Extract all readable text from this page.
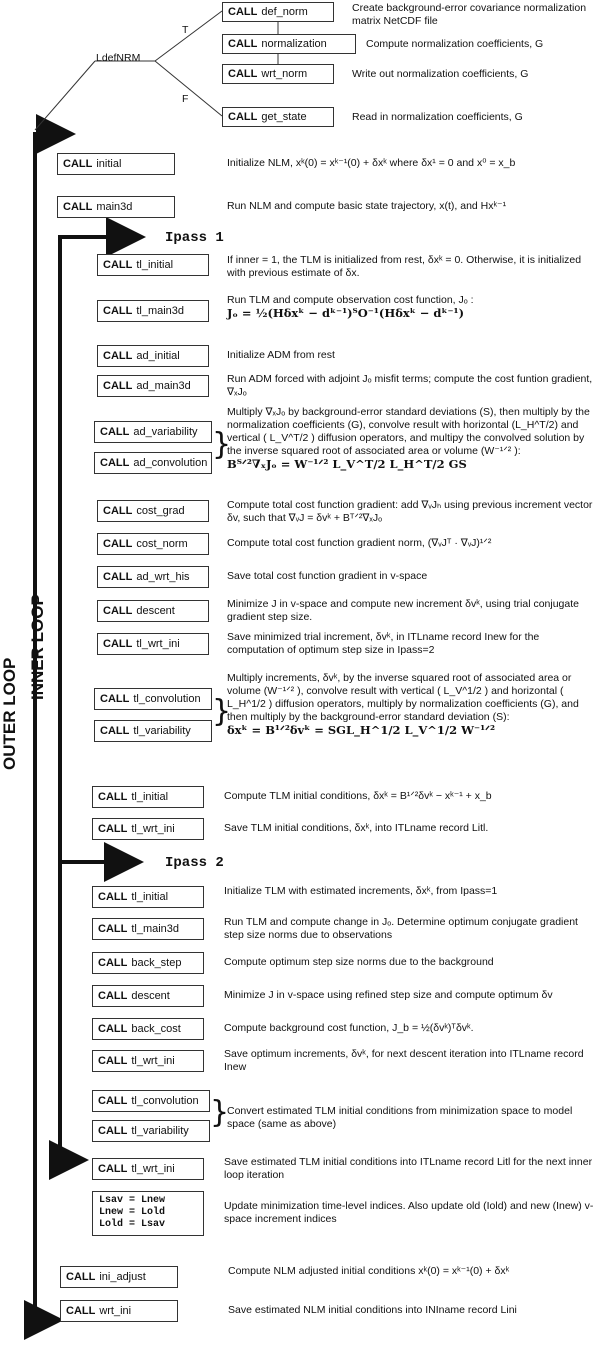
OUTER LOOP
INNER LOOP
LdefNRM
T
F
CALL def_norm	Create background-error covariance normalization matrix NetCDF file
CALL normalization	Compute normalization coefficients, G
CALL wrt_norm	Write out normalization coefficients, G
CALL get_state	Read in normalization coefficients, G
CALL initial	Initialize NLM, xᵏ(0) = xᵏ⁻¹(0) + δxᵏ where δx¹ = 0 and x⁰ = x_b
CALL main3d	Run NLM and compute basic state trajectory, x(t), and Hxᵏ⁻¹
Ipass 1
CALL tl_initial	If inner = 1, the TLM is initialized from rest, δxᵏ = 0. Otherwise, it is initialized with previous estimate of δx.
CALL tl_main3d
Run TLM and compute observation cost function, Jₒ :
Jₒ = ½(Hδxᵏ − dᵏ⁻¹)ᵀO⁻¹(Hδxᵏ − dᵏ⁻¹)
CALL ad_initial	Initialize ADM from rest
CALL ad_main3d
Run ADM forced with adjoint Jₒ misfit terms; compute the cost funtion gradient, ∇ₓJₒ
CALL ad_variability
CALL ad_convolution
}
Multiply ∇ₓJₒ by background-error standard deviations (S), then multiply by the normalization coefficients (G), convolve result with horizontal (L_H^T/2) and vertical ( L_V^T/2 ) diffusion operators, and multipy the convolved solution by the inverse squared root of associated area or volume (W⁻¹ᐟ² ):
Bᵀᐟ²∇ₓJₒ = W⁻¹ᐟ² L_V^T/2 L_H^T/2 GS
CALL cost_grad	Compute total cost function gradient: add ∇ᵥJₕ using previous increment vector δv, such that ∇ᵥJ = δvᵏ + Bᵀᐟ²∇ₓJₒ
CALL cost_norm	Compute total cost function gradient norm, (∇ᵥJᵀ · ∇ᵥJ)¹ᐟ²
CALL ad_wrt_his	Save total cost function gradient in v-space
CALL descent
Minimize J in v-space and compute new increment δvᵏ, using trial conjugate gradient step size.
CALL tl_wrt_ini
Save minimized trial increment, δvᵏ, in ITLname record Inew for the computation of optimum step size in Ipass=2
CALL tl_convolution
CALL tl_variability
}
Multiply increments, δvᵏ, by the inverse squared root of associated area or volume (W⁻¹ᐟ² ), convolve result with vertical ( L_V^1/2 ) and horizontal ( L_H^1/2 ) diffusion operators, multiply by normalization coefficients (G), and then multiply by the background-error standard deviation (S):
δxᵏ = B¹ᐟ²δvᵏ = SGL_H^1/2 L_V^1/2 W⁻¹ᐟ²
CALL tl_initial	Compute TLM initial conditions, δxᵏ = B¹ᐟ²δvᵏ − xᵏ⁻¹ + x_b
CALL tl_wrt_ini	Save TLM initial conditions, δxᵏ, into ITLname record Litl.
Ipass 2
CALL tl_initial	Initialize TLM with estimated increments, δxᵏ, from Ipass=1
CALL tl_main3d
Run TLM and compute change in Jₒ. Determine optimum conjugate gradient step size norms due to observations
CALL back_step	Compute optimum step size norms due to the background
CALL descent	Minimize J in v-space using refined step size and compute optimum δv
CALL back_cost	Compute background cost function, J_b = ½(δvᵏ)ᵀδvᵏ.
CALL tl_wrt_ini
Save optimum increments, δvᵏ, for next descent iteration into ITLname record Inew
CALL tl_convolution
CALL tl_variability
}
Convert estimated TLM initial conditions from minimization space to model space (same as above)
CALL tl_wrt_ini
Save estimated TLM initial conditions into ITLname record Litl for the next inner loop iteration
Lsav = Lnew
Lnew = Lold
Lold = Lsav
Update minimization time-level indices. Also update old (Iold) and new (Inew) v-space increment indices
CALL ini_adjust	Compute NLM adjusted initial conditions xᵏ(0) = xᵏ⁻¹(0) + δxᵏ
CALL wrt_ini	Save estimated NLM initial conditions into INIname record Lini
